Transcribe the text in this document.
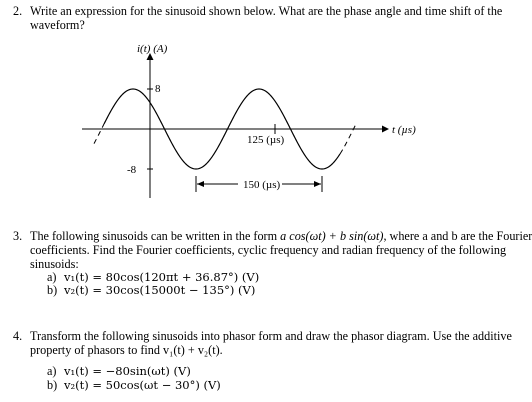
2. Write an expression for the sinusoid shown below. What are the phase angle and time shift of the
waveform?
i(t) (A)
t (µs)
8
-8
125 (µs)
150 (µs)
3. The following sinusoids can be written in the form a cos(ωt) + b sin(ωt), where a and b are the Fourier
coefficients. Find the Fourier coefficients, cyclic frequency and radian frequency of the following
sinusoids:
a) v₁(t) = 80cos(120πt + 36.87°) (V)
b) v₂(t) = 30cos(15000t − 135°) (V)
4. Transform the following sinusoids into phasor form and draw the phasor diagram. Use the additive
property of phasors to find v₁(t) + v₂(t).
a) v₁(t) = −80sin(ωt) (V)
b) v₂(t) = 50cos(ωt − 30°) (V)
